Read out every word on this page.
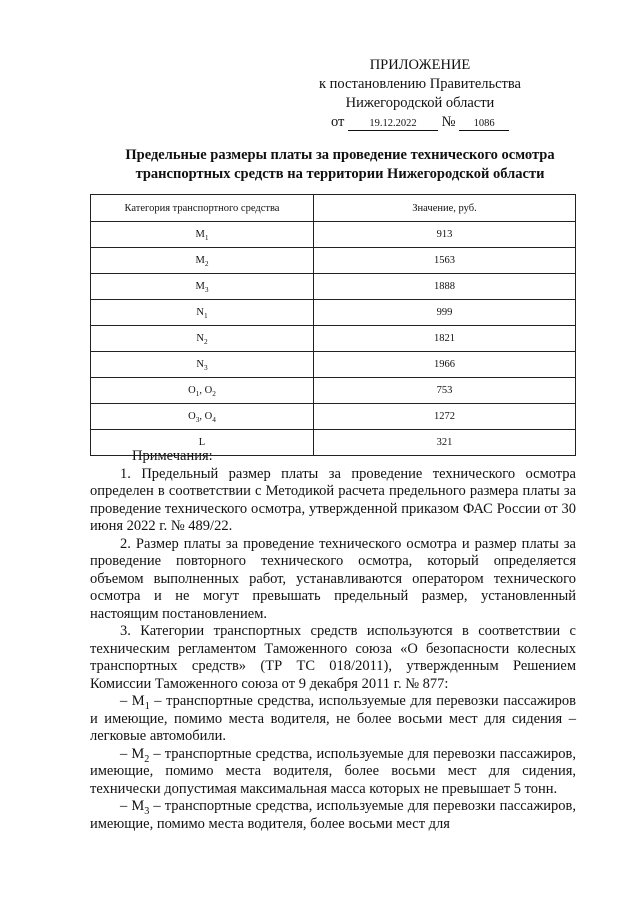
ПРИЛОЖЕНИЕ
к постановлению Правительства
Нижегородской области
от 19.12.2022 № 1086
Предельные размеры платы за проведение технического осмотра
транспортных средств на территории Нижегородской области
Категория транспортного средства	Значение, руб.
$M_1$	913
$M_2$	1563
$M_3$	1888
$N_1$	999
$N_2$	1821
$N_3$	1966
$O_1$, $O_2$	753
$O_3$, $O_4$	1272
L	321

Примечания:

1. Предельный размер платы за проведение технического осмотра определен в соответствии с Методикой расчета предельного размера платы за проведение технического осмотра, утвержденной приказом ФАС России от 30 июня 2022 г. № 489/22.

2. Размер платы за проведение технического осмотра и размер платы за проведение повторного технического осмотра, который определяется объемом выполненных работ, устанавливаются оператором технического осмотра и не могут превышать предельный размер, установленный настоящим постановлением.

3. Категории транспортных средств используются в соответствии с техническим регламентом Таможенного союза «О безопасности колесных транспортных средств» (ТР ТС 018/2011), утвержденным Решением Комиссии Таможенного союза от 9 декабря 2011 г. № 877:

– $M_1$ – транспортные средства, используемые для перевозки пассажиров и имеющие, помимо места водителя, не более восьми мест для сидения – легковые автомобили.

– $M_2$ – транспортные средства, используемые для перевозки пассажиров, имеющие, помимо места водителя, более восьми мест для сидения, технически допустимая максимальная масса которых не превышает 5 тонн.

– $M_3$ – транспортные средства, используемые для перевозки пассажиров, имеющие, помимо места водителя, более восьми мест для
